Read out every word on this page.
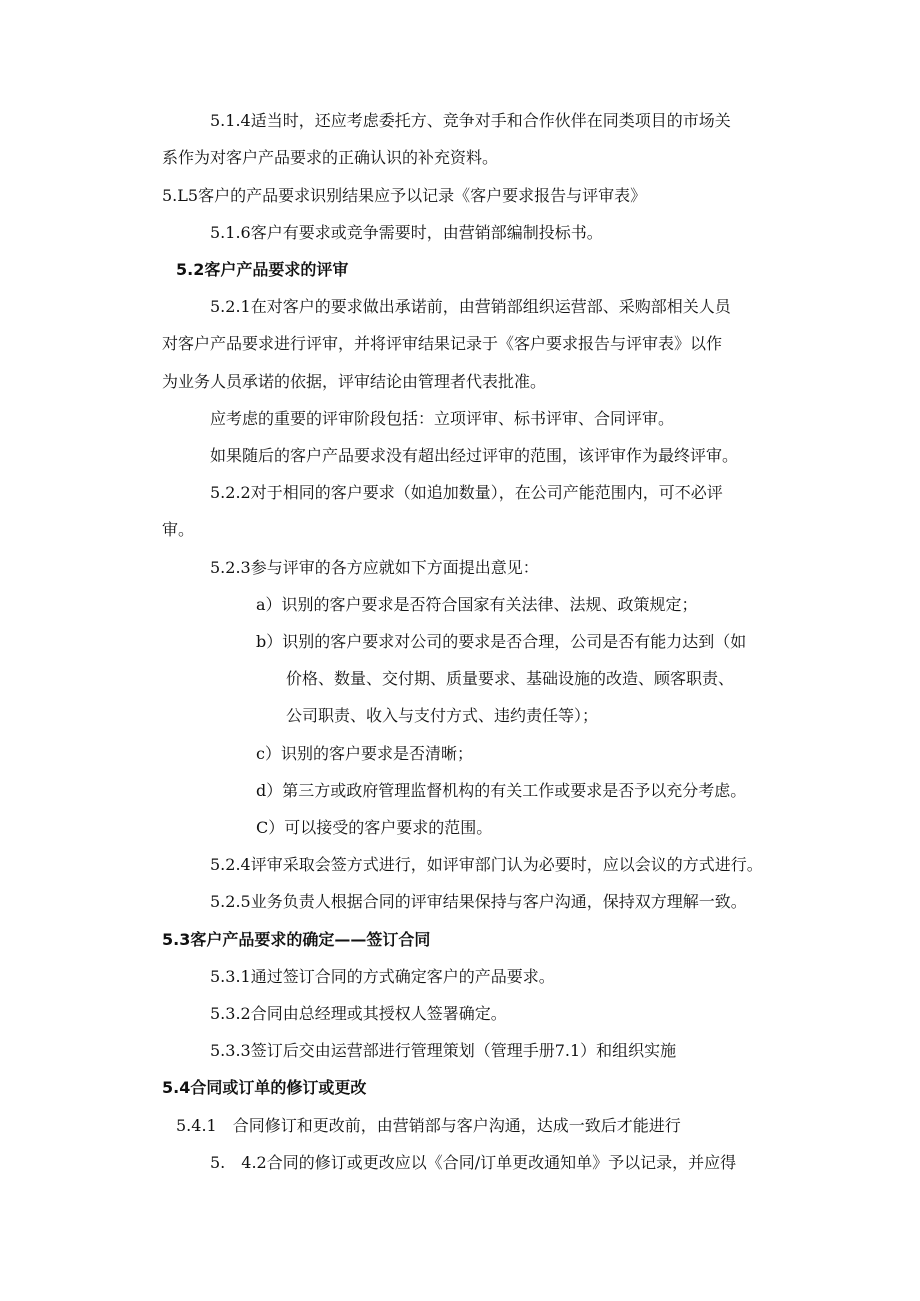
5.1.4适当时，还应考虑委托方、竞争对手和合作伙伴在同类项目的市场关
系作为对客户产品要求的正确认识的补充资料。
5.L5客户的产品要求识别结果应予以记录《客户要求报告与评审表》
5.1.6客户有要求或竞争需要时，由营销部编制投标书。
5.2客户产品要求的评审
5.2.1在对客户的要求做出承诺前，由营销部组织运营部、采购部相关人员
对客户产品要求进行评审，并将评审结果记录于《客户要求报告与评审表》以作
为业务人员承诺的依据，评审结论由管理者代表批准。
应考虑的重要的评审阶段包括：立项评审、标书评审、合同评审。
如果随后的客户产品要求没有超出经过评审的范围，该评审作为最终评审。
5.2.2对于相同的客户要求（如追加数量），在公司产能范围内，可不必评
审。
5.2.3参与评审的各方应就如下方面提出意见：
a）识别的客户要求是否符合国家有关法律、法规、政策规定；
b）识别的客户要求对公司的要求是否合理，公司是否有能力达到（如
价格、数量、交付期、质量要求、基础设施的改造、顾客职责、
公司职责、收入与支付方式、违约责任等）；
c）识别的客户要求是否清晰；
d）第三方或政府管理监督机构的有关工作或要求是否予以充分考虑。
C）可以接受的客户要求的范围。
5.2.4评审采取会签方式进行，如评审部门认为必要时，应以会议的方式进行。
5.2.5业务负责人根据合同的评审结果保持与客户沟通，保持双方理解一致。
5.3客户产品要求的确定——签订合同
5.3.1通过签订合同的方式确定客户的产品要求。
5.3.2合同由总经理或其授权人签署确定。
5.3.3签订后交由运营部进行管理策划（管理手册7.1）和组织实施
5.4合同或订单的修订或更改
5.4.1　合同修订和更改前，由营销部与客户沟通，达成一致后才能进行
5.　4.2合同的修订或更改应以《合同/订单更改通知单》予以记录，并应得
